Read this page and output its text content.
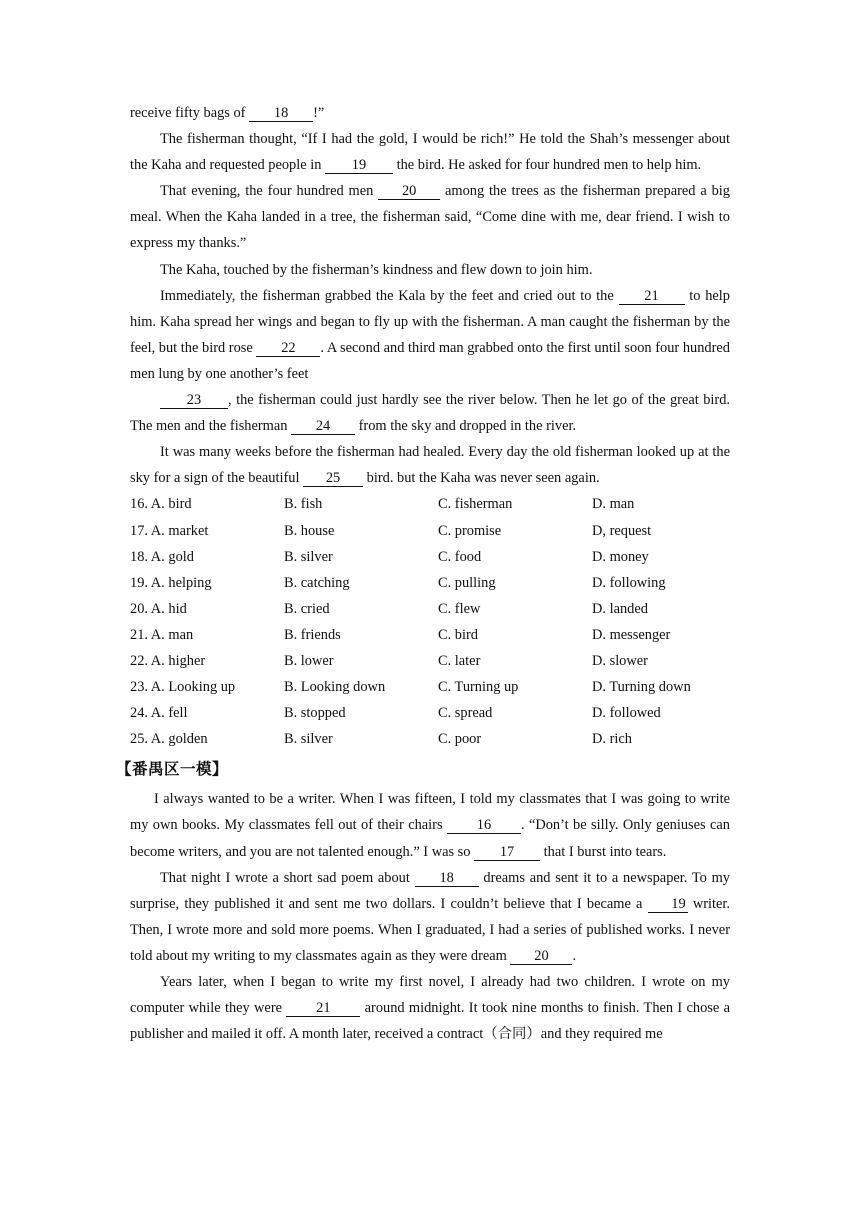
receive fifty bags of 18 !”

The fisherman thought, “If I had the gold, I would be rich!” He told the Shah’s messenger about the Kaha and requested people in 19 the bird. He asked for four hundred men to help him.

That evening, the four hundred men 20 among the trees as the fisherman prepared a big meal. When the Kaha landed in a tree, the fisherman said, “Come dine with me, dear friend. I wish to express my thanks.”

The Kaha, touched by the fisherman’s kindness and flew down to join him.

Immediately, the fisherman grabbed the Kala by the feet and cried out to the 21 to help him. Kaha spread her wings and began to fly up with the fisherman. A man caught the fisherman by the feel, but the bird rose 22 . A second and third man grabbed onto the first until soon four hundred men lung by one another’s feet

23 , the fisherman could just hardly see the river below. Then he let go of the great bird. The men and the fisherman 24 from the sky and dropped in the river.

It was many weeks before the fisherman had healed. Every day the old fisherman looked up at the sky for a sign of the beautiful 25 bird. but the Kaha was never seen again.

16. A. bird	B. fish	C. fisherman	D. man
17. A. market	B. house	C. promise	D, request
18. A. gold	B. silver	C. food	D. money
19. A. helping	B. catching	C. pulling	D. following
20. A. hid	B. cried	C. flew	D. landed
21. A. man	B. friends	C. bird	D. messenger
22. A. higher	B. lower	C. later	D. slower
23. A. Looking up	B. Looking down	C. Turning up	D. Turning down
24. A. fell	B. stopped	C. spread	D. followed
25. A. golden	B. silver	C. poor	D. rich
【番禺区一模】

I always wanted to be a writer. When I was fifteen, I told my classmates that I was going to write my own books. My classmates fell out of their chairs 16 . “Don’t be silly. Only geniuses can become writers, and you are not talented enough.” I was so 17 that I burst into tears.

That night I wrote a short sad poem about 18 dreams and sent it to a newspaper. To my surprise, they published it and sent me two dollars. I couldn’t believe that I became a 19 writer. Then, I wrote more and sold more poems. When I graduated, I had a series of published works. I never told about my writing to my classmates again as they were dream 20 .

Years later, when I began to write my first novel, I already had two children. I wrote on my computer while they were 21 around midnight. It took nine months to finish. Then I chose a publisher and mailed it off. A month later, received a contract（合同）and they required me
